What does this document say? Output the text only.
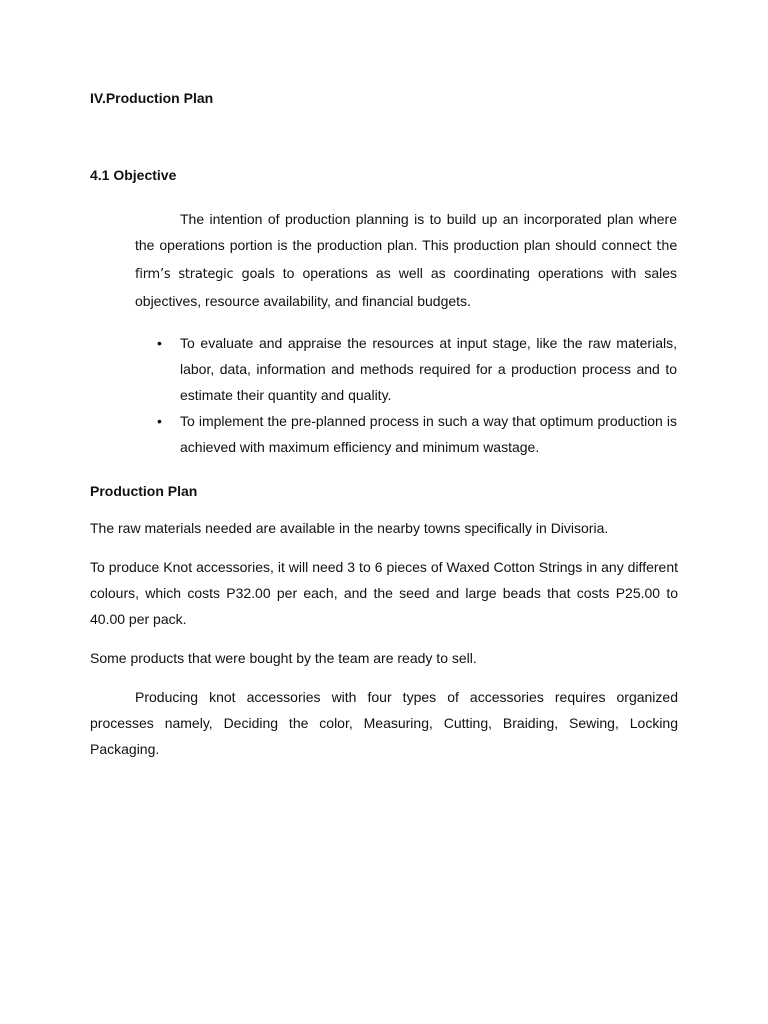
IV.Production Plan
4.1 Objective

The intention of production planning is to build up an incorporated plan where the operations portion is the production plan. This production plan should connect the firm’s strategic goals to operations as well as coordinating operations with sales objectives, resource availability, and financial budgets.

•	To evaluate and appraise the resources at input stage, like the raw materials, labor, data, information and methods required for a production process and to estimate their quantity and quality.
•	To implement the pre-planned process in such a way that optimum production is achieved with maximum efficiency and minimum wastage.
Production Plan

The raw materials needed are available in the nearby towns specifically in Divisoria.

To produce Knot accessories, it will need 3 to 6 pieces of Waxed Cotton Strings in any different colours, which costs P32.00 per each, and the seed and large beads that costs P25.00 to 40.00 per pack.

Some products that were bought by the team are ready to sell.

Producing knot accessories with four types of accessories requires organized processes namely, Deciding the color, Measuring, Cutting, Braiding, Sewing, Locking Packaging.
